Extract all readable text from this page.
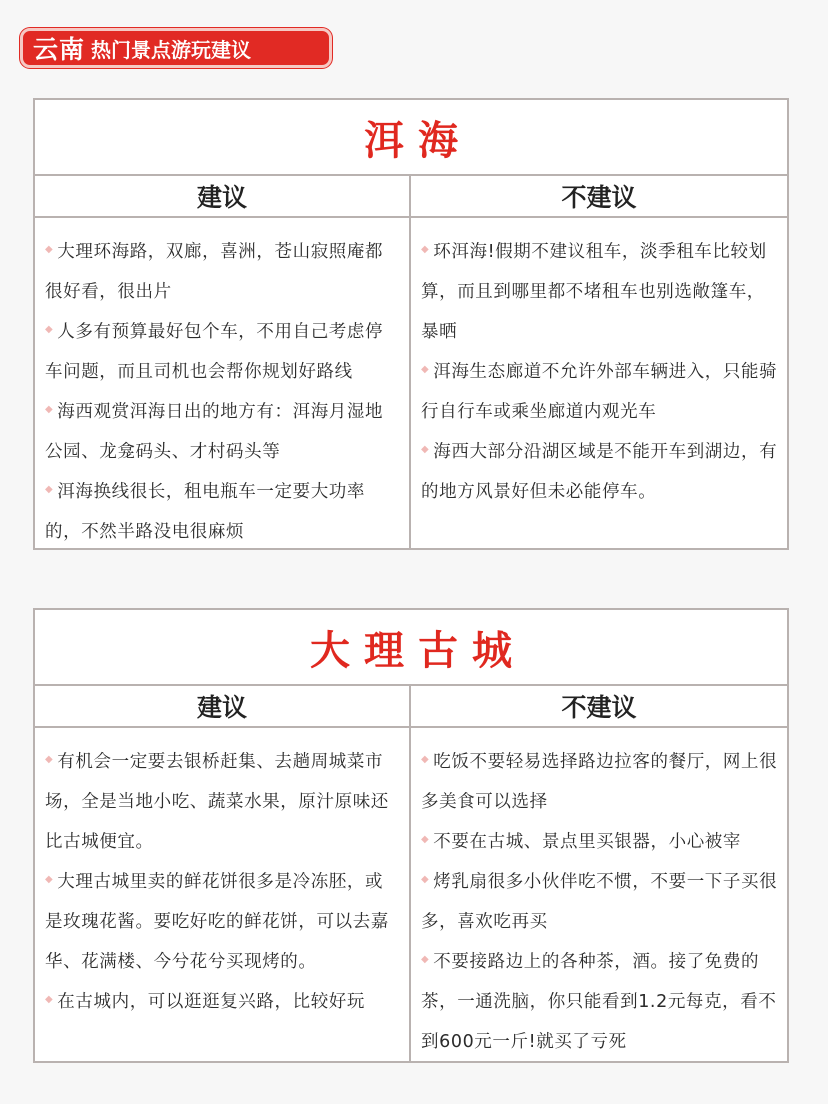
云南 热门景点游玩建议
洱海
建议
◆ 大理环海路，双廊，喜洲，苍山寂照庵都很好看，很出片
◆ 人多有预算最好包个车，不用自己考虑停车问题，而且司机也会帮你规划好路线
◆ 海西观赏洱海日出的地方有：洱海月湿地公园、龙龛码头、才村码头等
◆ 洱海换线很长，租电瓶车一定要大功率的，不然半路没电很麻烦
不建议
◆ 环洱海!假期不建议租车，淡季租车比较划算，而且到哪里都不堵租车也别选敞篷车，暴晒
◆ 洱海生态廊道不允许外部车辆进入，只能骑行自行车或乘坐廊道内观光车
◆ 海西大部分沿湖区域是不能开车到湖边，有的地方风景好但未必能停车。
大理古城
建议
◆ 有机会一定要去银桥赶集、去趟周城菜市场，全是当地小吃、蔬菜水果，原汁原味还比古城便宜。
◆ 大理古城里卖的鲜花饼很多是冷冻胚，或是玫瑰花酱。要吃好吃的鲜花饼，可以去嘉华、花满楼、今兮花兮买现烤的。
◆ 在古城内，可以逛逛复兴路，比较好玩
不建议
◆ 吃饭不要轻易选择路边拉客的餐厅，网上很多美食可以选择
◆ 不要在古城、景点里买银器，小心被宰
◆ 烤乳扇很多小伙伴吃不惯，不要一下子买很多，喜欢吃再买
◆ 不要接路边上的各种茶，酒。接了免费的茶，一通洗脑，你只能看到1.2元每克，看不到600元一斤!就买了亏死
